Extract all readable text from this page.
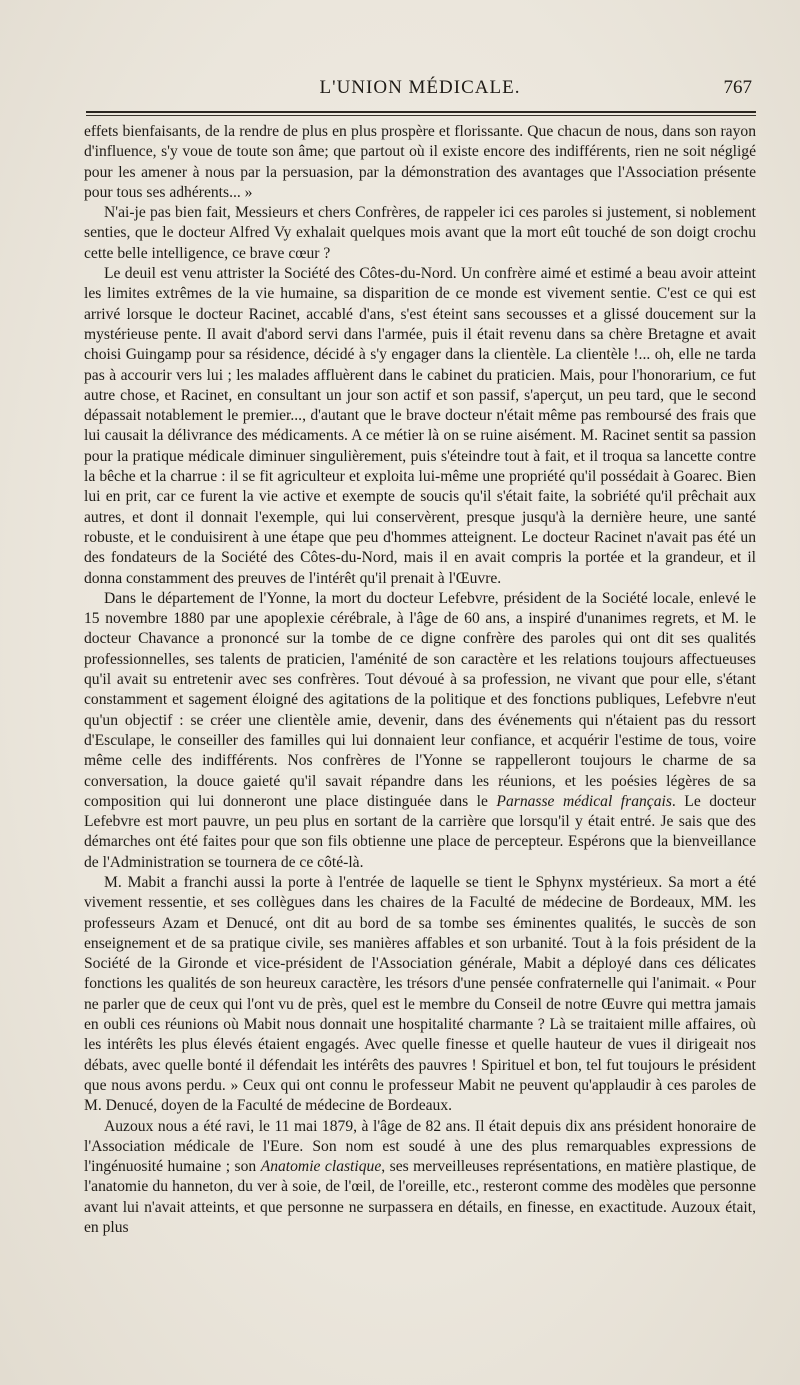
L'UNION MÉDICALE.	767

effets bienfaisants, de la rendre de plus en plus prospère et florissante. Que chacun de nous, dans son rayon d'influence, s'y voue de toute son âme; que partout où il existe encore des indifférents, rien ne soit négligé pour les amener à nous par la persuasion, par la démonstration des avantages que l'Association présente pour tous ses adhérents... »

N'ai-je pas bien fait, Messieurs et chers Confrères, de rappeler ici ces paroles si justement, si noblement senties, que le docteur Alfred Vy exhalait quelques mois avant que la mort eût touché de son doigt crochu cette belle intelligence, ce brave cœur ?

Le deuil est venu attrister la Société des Côtes-du-Nord. Un confrère aimé et estimé a beau avoir atteint les limites extrêmes de la vie humaine, sa disparition de ce monde est vivement sentie. C'est ce qui est arrivé lorsque le docteur Racinet, accablé d'ans, s'est éteint sans secousses et a glissé doucement sur la mystérieuse pente. Il avait d'abord servi dans l'armée, puis il était revenu dans sa chère Bretagne et avait choisi Guingamp pour sa résidence, décidé à s'y engager dans la clientèle. La clientèle !... oh, elle ne tarda pas à accourir vers lui ; les malades affluèrent dans le cabinet du praticien. Mais, pour l'honorarium, ce fut autre chose, et Racinet, en consultant un jour son actif et son passif, s'aperçut, un peu tard, que le second dépassait notablement le premier..., d'autant que le brave docteur n'était même pas remboursé des frais que lui causait la délivrance des médicaments. A ce métier là on se ruine aisément. M. Racinet sentit sa passion pour la pratique médicale diminuer singulièrement, puis s'éteindre tout à fait, et il troqua sa lancette contre la bêche et la charrue : il se fit agriculteur et exploita lui-même une propriété qu'il possédait à Goarec. Bien lui en prit, car ce furent la vie active et exempte de soucis qu'il s'était faite, la sobriété qu'il prêchait aux autres, et dont il donnait l'exemple, qui lui conservèrent, presque jusqu'à la dernière heure, une santé robuste, et le conduisirent à une étape que peu d'hommes atteignent. Le docteur Racinet n'avait pas été un des fondateurs de la Société des Côtes-du-Nord, mais il en avait compris la portée et la grandeur, et il donna constamment des preuves de l'intérêt qu'il prenait à l'Œuvre.

Dans le département de l'Yonne, la mort du docteur Lefebvre, président de la Société locale, enlevé le 15 novembre 1880 par une apoplexie cérébrale, à l'âge de 60 ans, a inspiré d'unanimes regrets, et M. le docteur Chavance a prononcé sur la tombe de ce digne confrère des paroles qui ont dit ses qualités professionnelles, ses talents de praticien, l'aménité de son caractère et les relations toujours affectueuses qu'il avait su entretenir avec ses confrères. Tout dévoué à sa profession, ne vivant que pour elle, s'étant constamment et sagement éloigné des agitations de la politique et des fonctions publiques, Lefebvre n'eut qu'un objectif : se créer une clientèle amie, devenir, dans des événements qui n'étaient pas du ressort d'Esculape, le conseiller des familles qui lui donnaient leur confiance, et acquérir l'estime de tous, voire même celle des indifférents. Nos confrères de l'Yonne se rappelleront toujours le charme de sa conversation, la douce gaieté qu'il savait répandre dans les réunions, et les poésies légères de sa composition qui lui donneront une place distinguée dans le Parnasse médical français. Le docteur Lefebvre est mort pauvre, un peu plus en sortant de la carrière que lorsqu'il y était entré. Je sais que des démarches ont été faites pour que son fils obtienne une place de percepteur. Espérons que la bienveillance de l'Administration se tournera de ce côté-là.

M. Mabit a franchi aussi la porte à l'entrée de laquelle se tient le Sphynx mystérieux. Sa mort a été vivement ressentie, et ses collègues dans les chaires de la Faculté de médecine de Bordeaux, MM. les professeurs Azam et Denucé, ont dit au bord de sa tombe ses éminentes qualités, le succès de son enseignement et de sa pratique civile, ses manières affables et son urbanité. Tout à la fois président de la Société de la Gironde et vice-président de l'Association générale, Mabit a déployé dans ces délicates fonctions les qualités de son heureux caractère, les trésors d'une pensée confraternelle qui l'animait. « Pour ne parler que de ceux qui l'ont vu de près, quel est le membre du Conseil de notre Œuvre qui mettra jamais en oubli ces réunions où Mabit nous donnait une hospitalité charmante ? Là se traitaient mille affaires, où les intérêts les plus élevés étaient engagés. Avec quelle finesse et quelle hauteur de vues il dirigeait nos débats, avec quelle bonté il défendait les intérêts des pauvres ! Spirituel et bon, tel fut toujours le président que nous avons perdu. » Ceux qui ont connu le professeur Mabit ne peuvent qu'applaudir à ces paroles de M. Denucé, doyen de la Faculté de médecine de Bordeaux.

Auzoux nous a été ravi, le 11 mai 1879, à l'âge de 82 ans. Il était depuis dix ans président honoraire de l'Association médicale de l'Eure. Son nom est soudé à une des plus remarquables expressions de l'ingénuosité humaine ; son Anatomie clastique, ses merveilleuses représentations, en matière plastique, de l'anatomie du hanneton, du ver à soie, de l'œil, de l'oreille, etc., resteront comme des modèles que personne avant lui n'avait atteints, et que personne ne surpassera en détails, en finesse, en exactitude. Auzoux était, en plus
